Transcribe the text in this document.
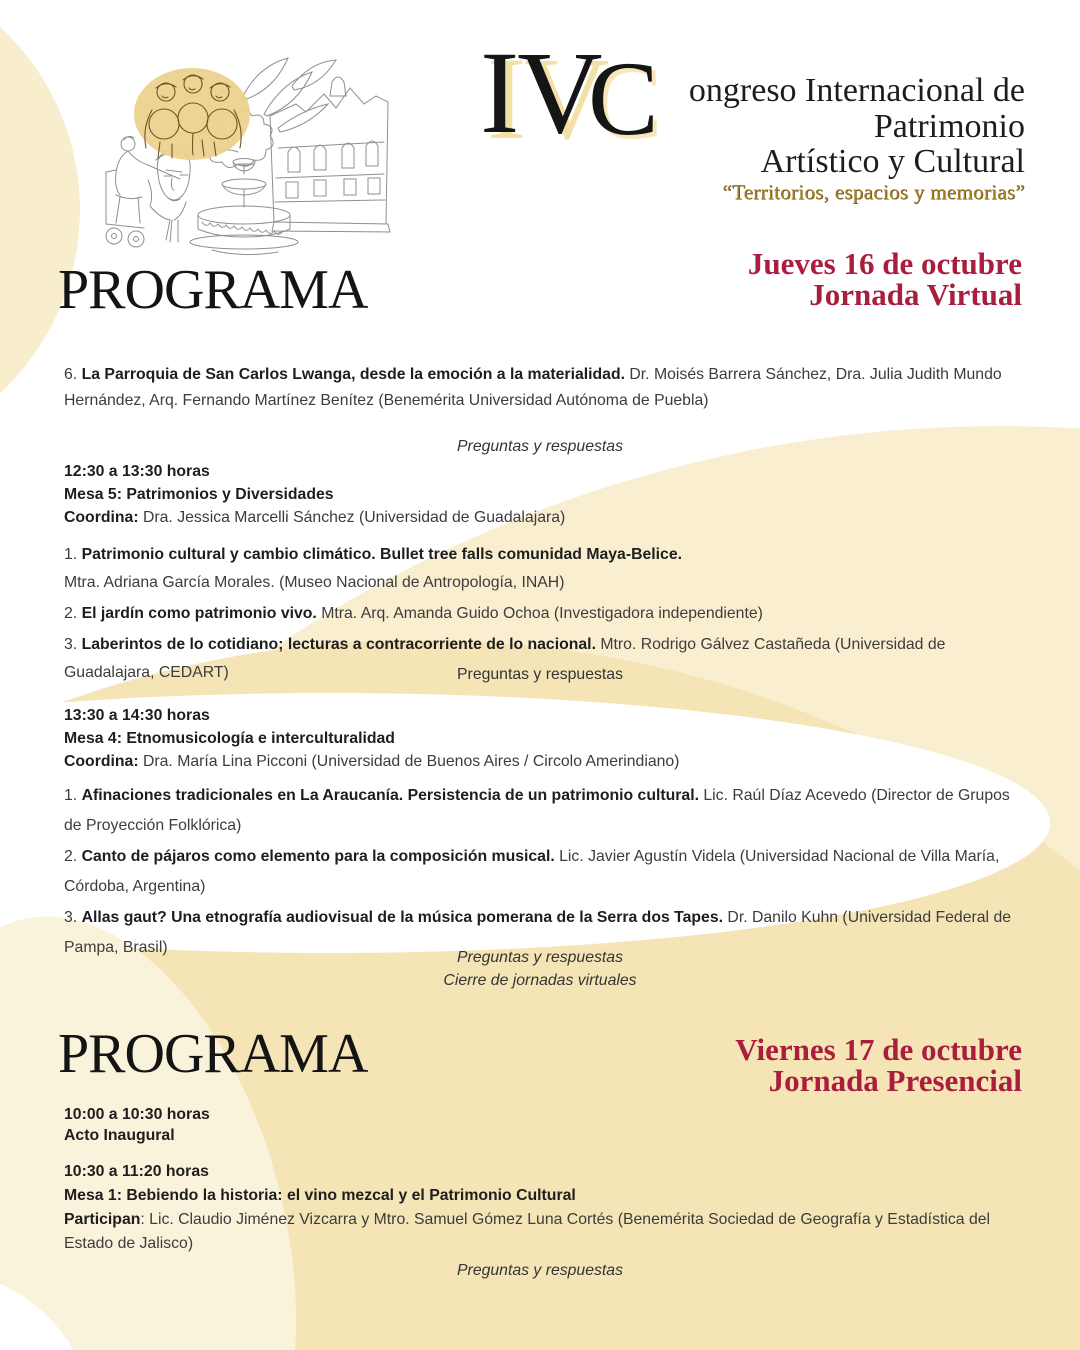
IV
C ongreso Internacional de
Patrimonio
Artístico y Cultural
“Territorios, espacios y memorias”
PROGRAMA	Jueves 16 de octubre
Jornada Virtual

6. La Parroquia de San Carlos Lwanga, desde la emoción a la materialidad. Dr. Moisés Barrera Sánchez, Dra. Julia Judith Mundo Hernández, Arq. Fernando Martínez Benítez (Benemérita Universidad Autónoma de Puebla)

Preguntas y respuestas

12:30 a 13:30 horas

Mesa 5: Patrimonios y Diversidades

Coordina: Dra. Jessica Marcelli Sánchez (Universidad de Guadalajara)

1. Patrimonio cultural y cambio climático. Bullet tree falls comunidad Maya-Belice.
Mtra. Adriana García Morales. (Museo Nacional de Antropología, INAH)

2. El jardín como patrimonio vivo. Mtra. Arq. Amanda Guido Ochoa (Investigadora independiente)

3. Laberintos de lo cotidiano; lecturas a contracorriente de lo nacional. Mtro. Rodrigo Gálvez Castañeda (Universidad de Guadalajara, CEDART)	Preguntas y respuestas

13:30 a 14:30 horas

Mesa 4: Etnomusicología e interculturalidad

Coordina: Dra. María Lina Picconi (Universidad de Buenos Aires / Circolo Amerindiano)

1. Afinaciones tradicionales en La Araucanía. Persistencia de un patrimonio cultural. Lic. Raúl Díaz Acevedo (Director de Grupos de Proyección Folklórica)

2. Canto de pájaros como elemento para la composición musical. Lic. Javier Agustín Videla (Universidad Nacional de Villa María, Córdoba, Argentina)

3. Allas gaut? Una etnografía audiovisual de la música pomerana de la Serra dos Tapes. Dr. Danilo Kuhn (Universidad Federal de Pampa, Brasil)

Preguntas y respuestas

Cierre de jornadas virtuales

PROGRAMA	Viernes 17 de octubre
Jornada Presencial

10:00 a 10:30 horas

Acto Inaugural

10:30 a 11:20 horas

Mesa 1: Bebiendo la historia: el vino mezcal y el Patrimonio Cultural

Participan: Lic. Claudio Jiménez Vizcarra y Mtro. Samuel Gómez Luna Cortés (Benemérita Sociedad de Geografía y Estadística del Estado de Jalisco)

Preguntas y respuestas
